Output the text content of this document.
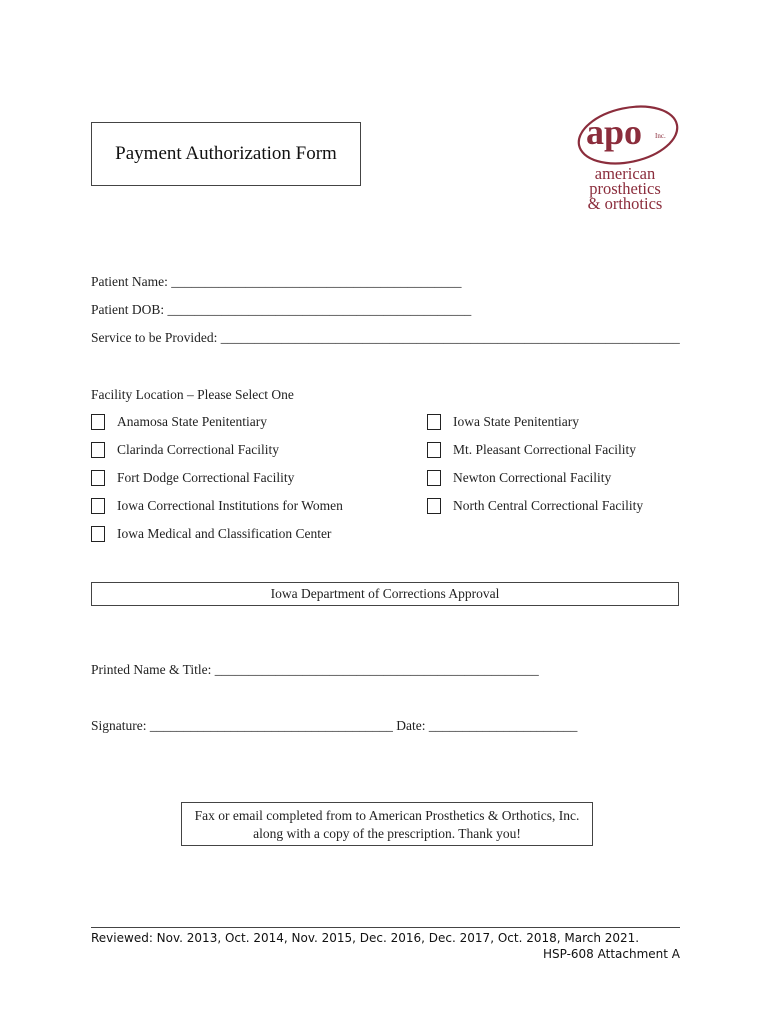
Payment Authorization Form
apo Inc.
american
prosthetics
& orthotics
Patient Name: ___________________________________________
Patient DOB: _____________________________________________
Service to be Provided: ____________________________________________________________________
Facility Location – Please Select One
Anamosa State Penitentiary
Clarinda Correctional Facility
Fort Dodge Correctional Facility
Iowa Correctional Institutions for Women
Iowa Medical and Classification Center
Iowa State Penitentiary
Mt. Pleasant Correctional Facility
Newton Correctional Facility
North Central Correctional Facility
Iowa Department of Corrections Approval
Printed Name & Title: ________________________________________________
Signature: ____________________________________ Date: ______________________
Fax or email completed from to American Prosthetics & Orthotics, Inc.
along with a copy of the prescription. Thank you!
Reviewed: Nov. 2013, Oct. 2014, Nov. 2015, Dec. 2016, Dec. 2017, Oct. 2018, March 2021.
HSP-608 Attachment A
